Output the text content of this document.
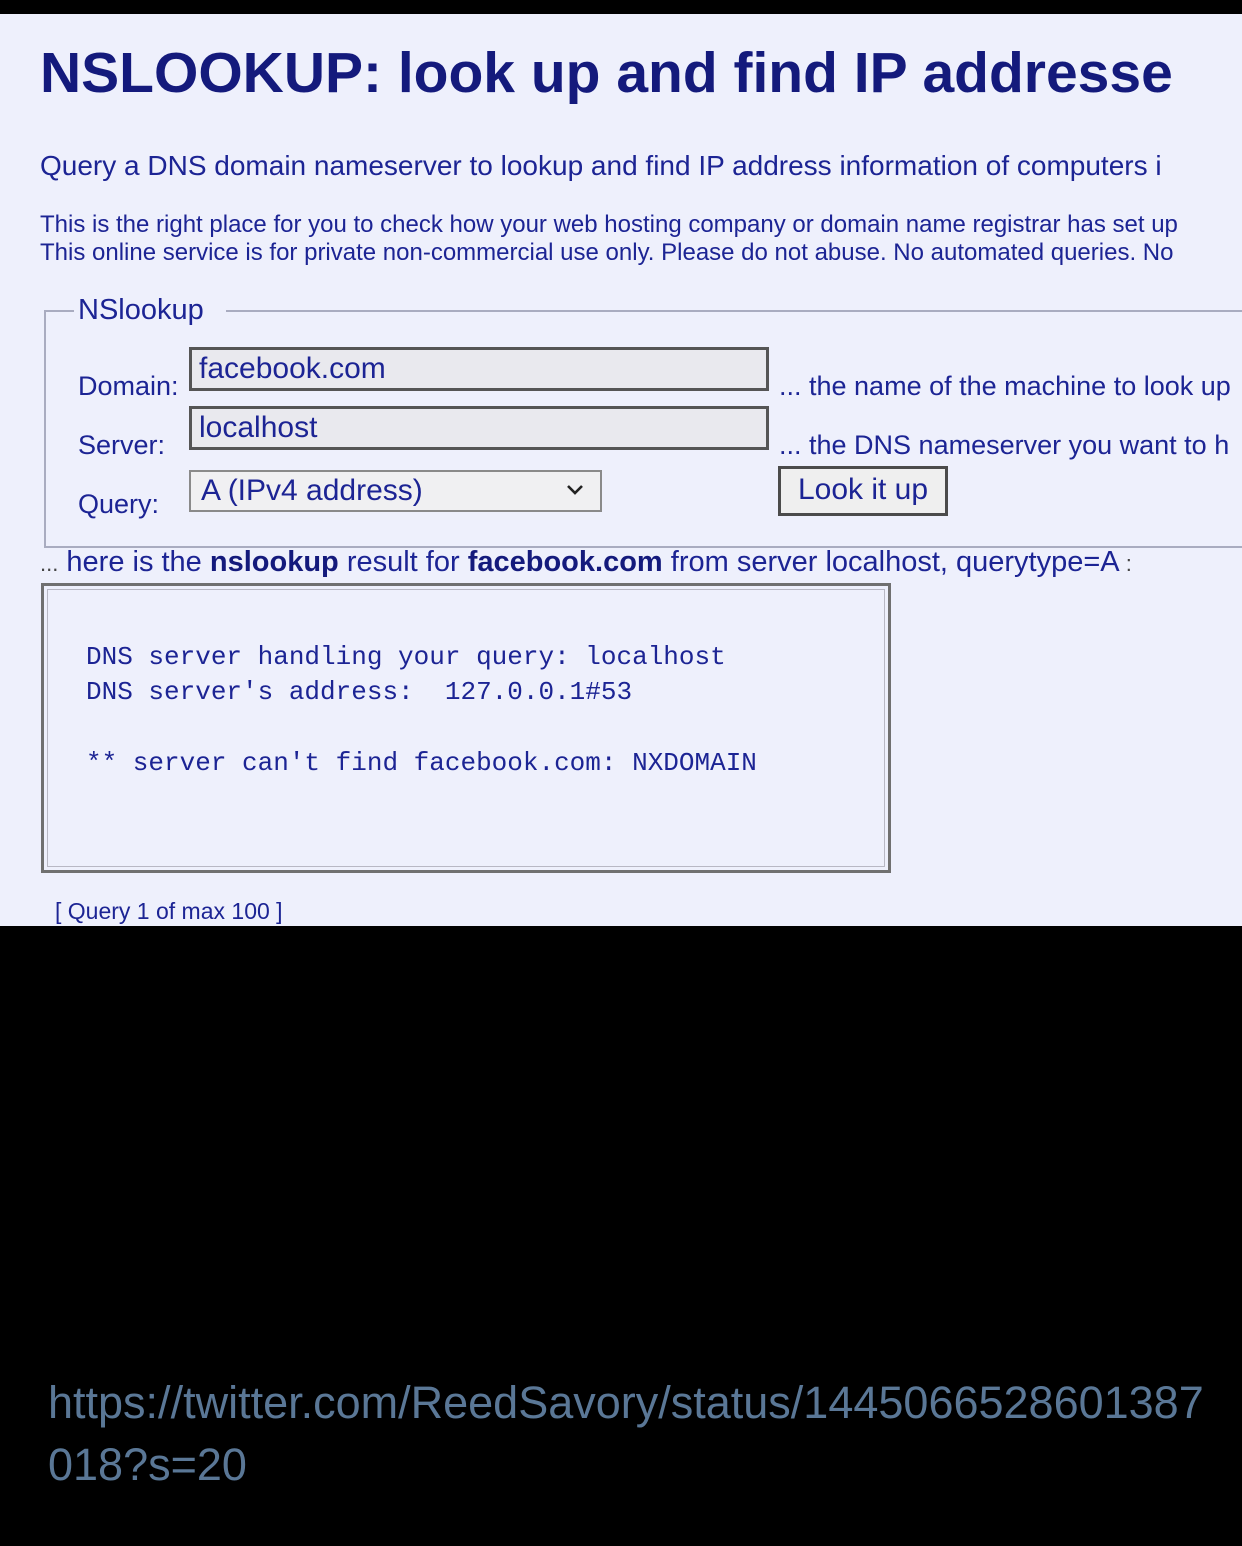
NSLOOKUP: look up and find IP addresse
Query a DNS domain nameserver to lookup and find IP address information of computers i
This is the right place for you to check how your web hosting company or domain name registrar has set up
This online service is for private non-commercial use only. Please do not abuse. No automated queries. No
NSlookup
Domain:
facebook.com
... the name of the machine to look up
Server:
localhost
... the DNS nameserver you want to h
Query:	A (IPv4 address)	Look it up
... here is the nslookup result for facebook.com from server localhost, querytype=A :
DNS server handling your query: localhost
DNS server's address:  127.0.0.1#53
** server can't find facebook.com: NXDOMAIN
[ Query 1 of max 100 ]
https://twitter.com/ReedSavory/status/1445066528601387018?s=20
